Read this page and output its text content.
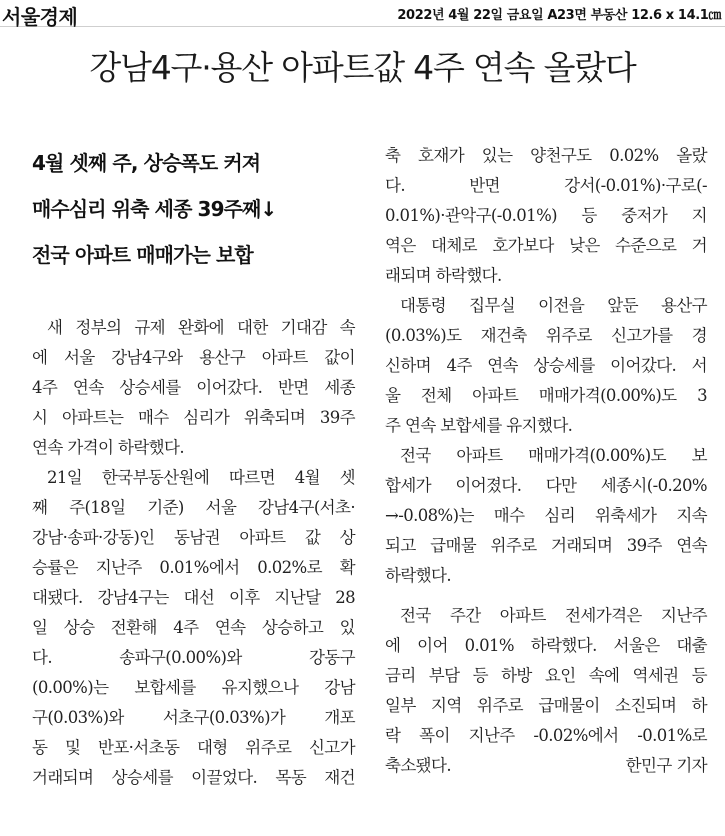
서울경제	2022년 4월 22일 금요일 A23면 부동산 12.6 x 14.1㎝
강남4구·용산 아파트값 4주 연속 올랐다
4월 셋째 주, 상승폭도 커져
매수심리 위축 세종 39주째↓
전국 아파트 매매가는 보합
새 정부의 규제 완화에 대한 기대감 속
에 서울 강남4구와 용산구 아파트 값이
4주 연속 상승세를 이어갔다. 반면 세종
시 아파트는 매수 심리가 위축되며 39주
연속 가격이 하락했다.
21일 한국부동산원에 따르면 4월 셋
째 주(18일 기준) 서울 강남4구(서초·
강남·송파·강동)인 동남권 아파트 값 상
승률은 지난주 0.01%에서 0.02%로 확
대됐다. 강남4구는 대선 이후 지난달 28
일 상승 전환해 4주 연속 상승하고 있
다. 송파구(0.00%)와 강동구
(0.00%)는 보합세를 유지했으나 강남
구(0.03%)와 서초구(0.03%)가 개포
동 및 반포·서초동 대형 위주로 신고가
거래되며 상승세를 이끌었다. 목동 재건
축 호재가 있는 양천구도 0.02% 올랐
다. 반면 강서(-0.01%)·구로(-
0.01%)·관악구(-0.01%) 등 중저가 지
역은 대체로 호가보다 낮은 수준으로 거
래되며 하락했다.
대통령 집무실 이전을 앞둔 용산구
(0.03%)도 재건축 위주로 신고가를 경
신하며 4주 연속 상승세를 이어갔다. 서
울 전체 아파트 매매가격(0.00%)도 3
주 연속 보합세를 유지했다.
전국 아파트 매매가격(0.00%)도 보
합세가 이어졌다. 다만 세종시(-0.20%
→-0.08%)는 매수 심리 위축세가 지속
되고 급매물 위주로 거래되며 39주 연속
하락했다.
전국 주간 아파트 전세가격은 지난주
에 이어 0.01% 하락했다. 서울은 대출
금리 부담 등 하방 요인 속에 역세권 등
일부 지역 위주로 급매물이 소진되며 하
락 폭이 지난주 -0.02%에서 -0.01%로
축소됐다.	한민구 기자
